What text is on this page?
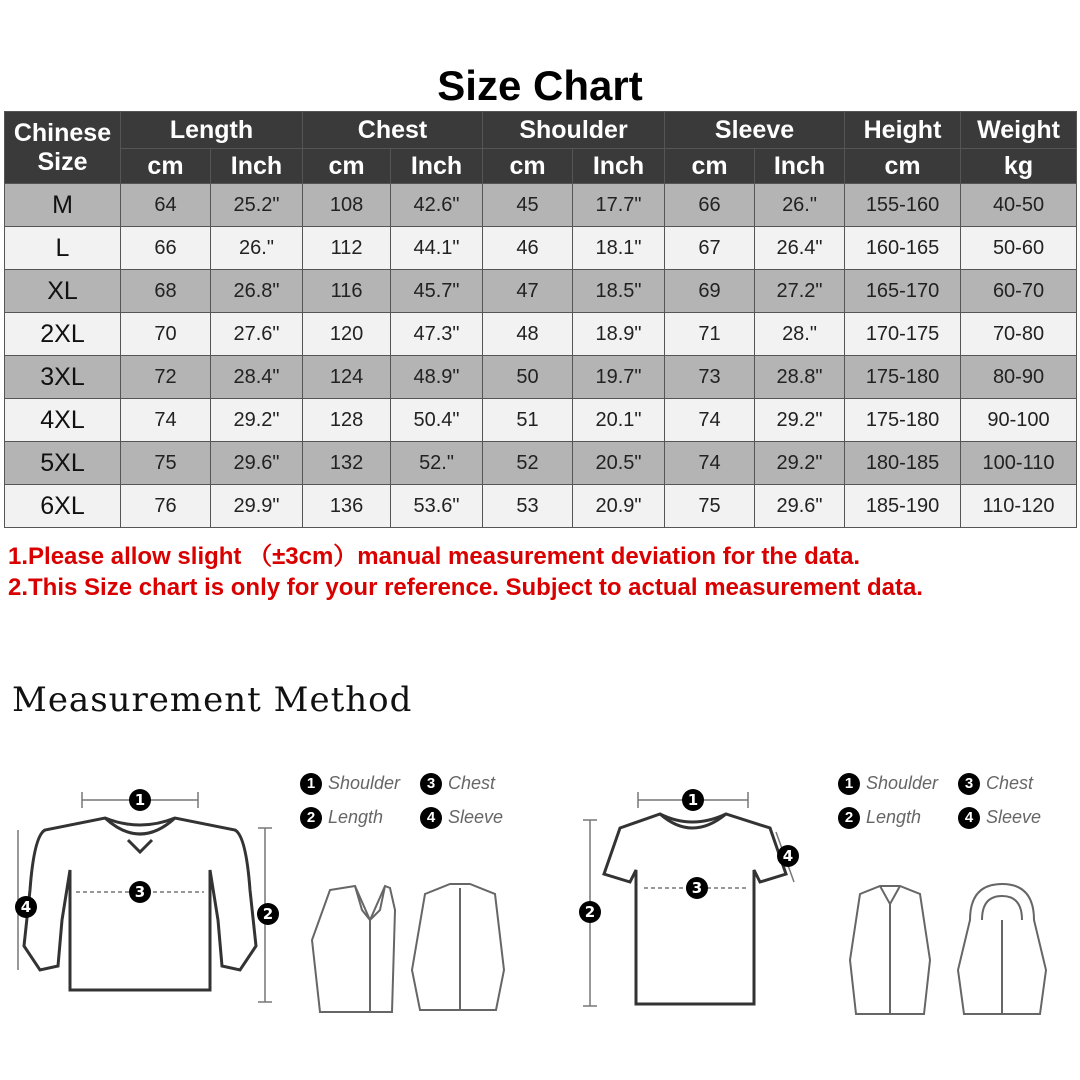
Size Chart
Chinese
Size	Length		Chest		Shoulder		Sleeve		Height	Weight
	cm	Inch	cm	Inch	cm	Inch	cm	Inch	cm	kg
M	64	25.2"	108	42.6"	45	17.7"	66	26."	155-160	40-50
L	66	26."	112	44.1"	46	18.1"	67	26.4"	160-165	50-60
XL	68	26.8"	116	45.7"	47	18.5"	69	27.2"	165-170	60-70
2XL	70	27.6"	120	47.3"	48	18.9"	71	28."	170-175	70-80
3XL	72	28.4"	124	48.9"	50	19.7"	73	28.8"	175-180	80-90
4XL	74	29.2"	128	50.4"	51	20.1"	74	29.2"	175-180	90-100
5XL	75	29.6"	132	52."	52	20.5"	74	29.2"	180-185	100-110
6XL	76	29.9"	136	53.6"	53	20.9"	75	29.6"	185-190	110-120
1.Please allow slight （±3cm）manual measurement deviation for the data.
2.This Size chart is only for your reference. Subject to actual measurement data.
Measurement Method
1
3
2
4
1 Shoulder	3 Chest
2 Length	4 Sleeve
1
3
2
4
1 Shoulder	3 Chest
2 Length	4 Sleeve
